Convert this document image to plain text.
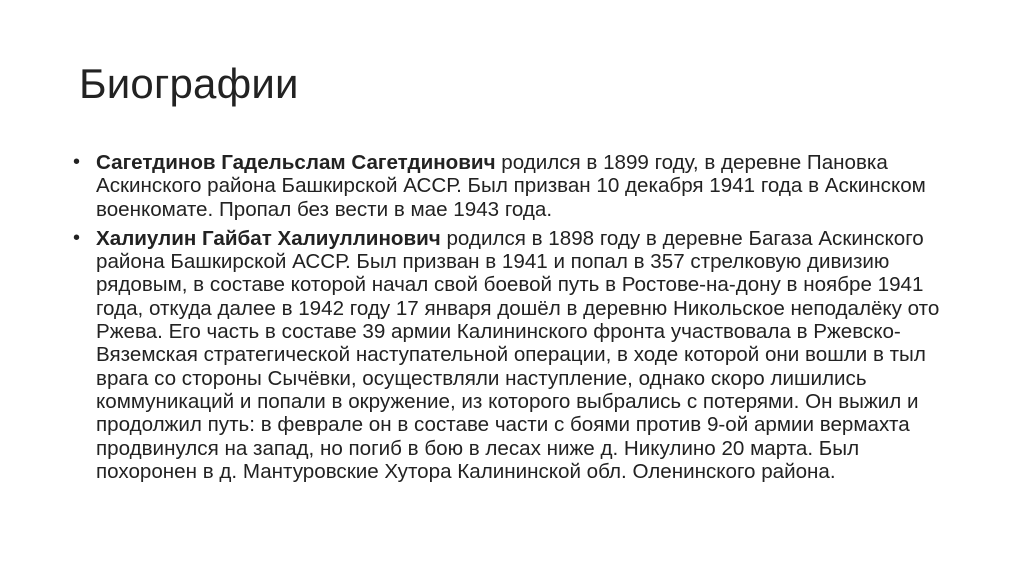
Биографии
• Сагетдинов Гадельслам Сагетдинович родился в 1899 году, в деревне Пановка Аскинского района Башкирской АССР. Был призван 10 декабря 1941 года в Аскинском военкомате. Пропал без вести в мае 1943 года.
• Халиулин Гайбат Халиуллинович родился в 1898 году в деревне Багаза Аскинского района Башкирской АССР. Был призван в 1941 и попал в 357 стрелковую дивизию рядовым, в составе которой начал свой боевой путь в Ростове-на-дону в ноябре 1941 года, откуда далее в 1942 году 17 января дошёл в деревню Никольское неподалёку ото Ржева. Его часть в составе 39 армии Калининского фронта участвовала в Ржевско-Вяземская стратегической наступательной операции, в ходе которой они вошли в тыл врага со стороны Сычёвки, осуществляли наступление, однако скоро лишились коммуникаций и попали в окружение, из которого выбрались с потерями. Он выжил и продолжил путь: в феврале он в составе части с боями против 9-ой армии вермахта продвинулся на запад, но погиб в бою в лесах ниже д. Никулино 20 марта. Был похоронен в д. Мантуровские Хутора Калининской обл. Оленинского района.
